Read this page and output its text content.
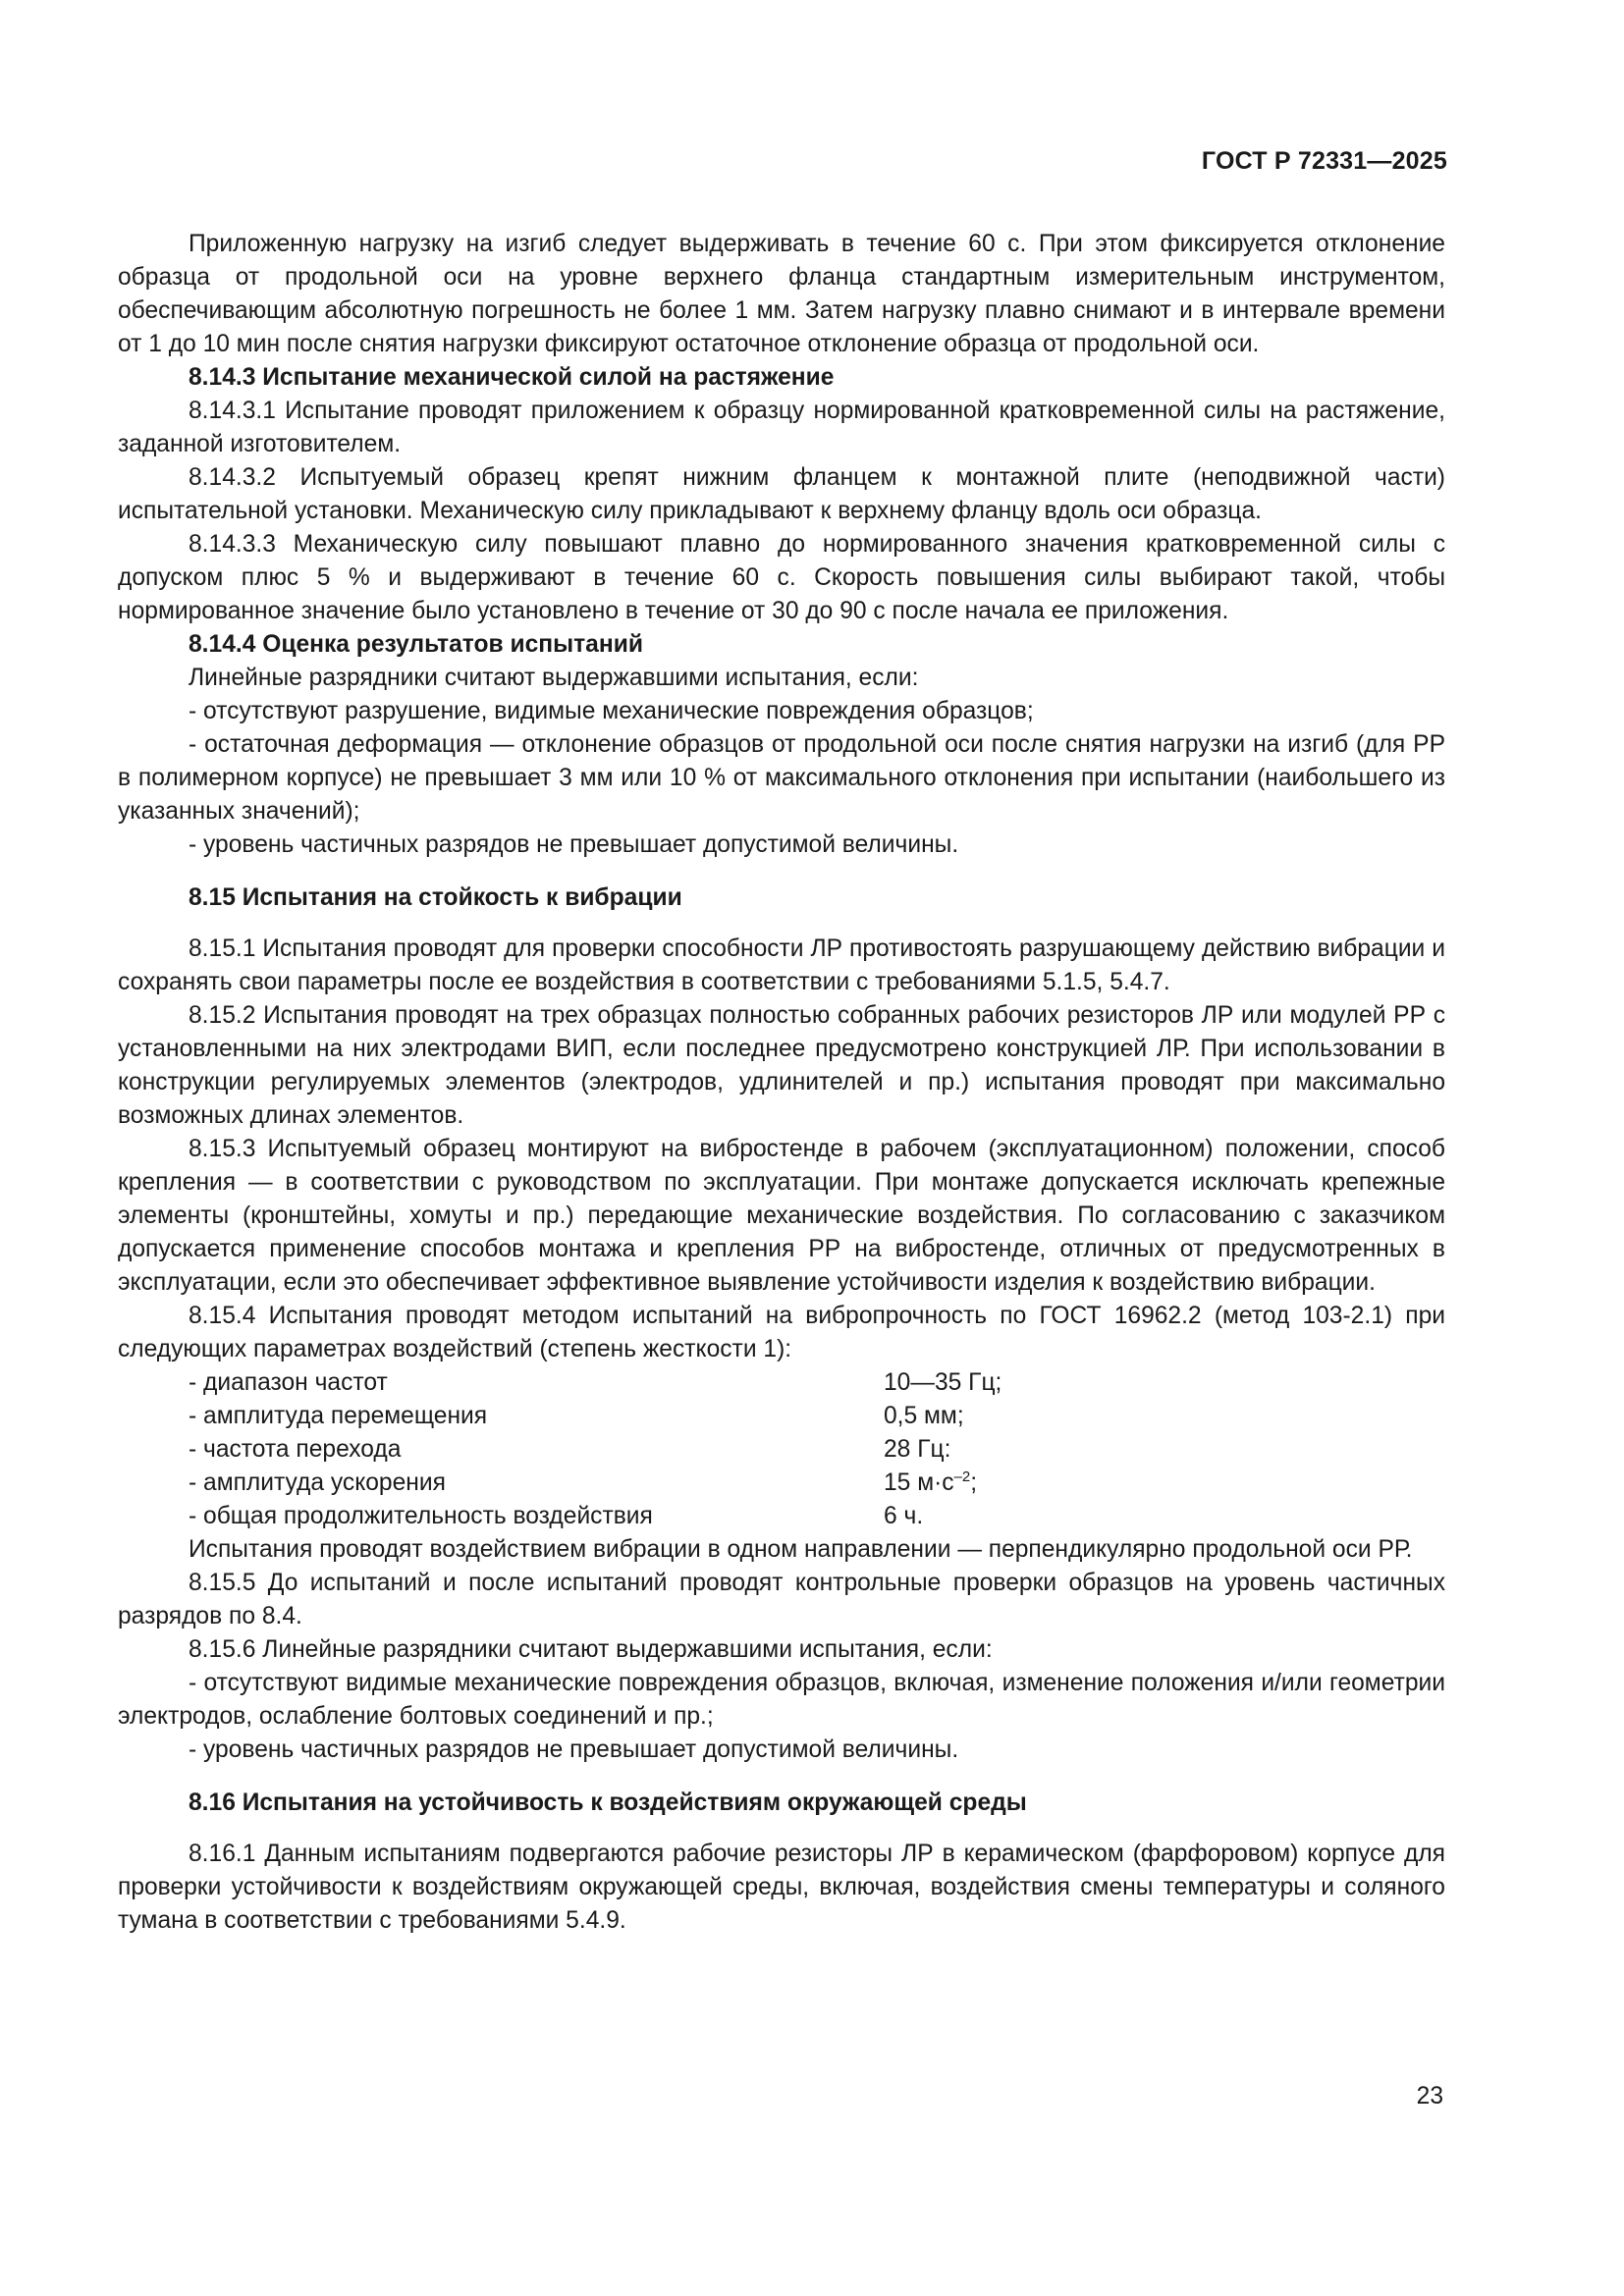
ГОСТ Р 72331—2025

Приложенную нагрузку на изгиб следует выдерживать в течение 60 с. При этом фиксируется отклонение образца от продольной оси на уровне верхнего фланца стандартным измерительным инструментом, обеспечивающим абсолютную погрешность не более 1 мм. Затем нагрузку плавно снимают и в интервале времени от 1 до 10 мин после снятия нагрузки фиксируют остаточное отклонение образца от продольной оси.

8.14.3 Испытание механической силой на растяжение

8.14.3.1 Испытание проводят приложением к образцу нормированной кратковременной силы на растяжение, заданной изготовителем.

8.14.3.2 Испытуемый образец крепят нижним фланцем к монтажной плите (неподвижной части) испытательной установки. Механическую силу прикладывают к верхнему фланцу вдоль оси образца.

8.14.3.3 Механическую силу повышают плавно до нормированного значения кратковременной силы с допуском плюс 5 % и выдерживают в течение 60 с. Скорость повышения силы выбирают такой, чтобы нормированное значение было установлено в течение от 30 до 90 с после начала ее приложения.

8.14.4 Оценка результатов испытаний

Линейные разрядники считают выдержавшими испытания, если:

- отсутствуют разрушение, видимые механические повреждения образцов;

- остаточная деформация — отклонение образцов от продольной оси после снятия нагрузки на изгиб (для РР в полимерном корпусе) не превышает 3 мм или 10 % от максимального отклонения при испытании (наибольшего из указанных значений);

- уровень частичных разрядов не превышает допустимой величины.

8.15 Испытания на стойкость к вибрации

8.15.1 Испытания проводят для проверки способности ЛР противостоять разрушающему действию вибрации и сохранять свои параметры после ее воздействия в соответствии с требованиями 5.1.5, 5.4.7.

8.15.2 Испытания проводят на трех образцах полностью собранных рабочих резисторов ЛР или модулей РР с установленными на них электродами ВИП, если последнее предусмотрено конструкцией ЛР. При использовании в конструкции регулируемых элементов (электродов, удлинителей и пр.) испытания проводят при максимально возможных длинах элементов.

8.15.3 Испытуемый образец монтируют на вибростенде в рабочем (эксплуатационном) положении, способ крепления — в соответствии с руководством по эксплуатации. При монтаже допускается исключать крепежные элементы (кронштейны, хомуты и пр.) передающие механические воздействия. По согласованию с заказчиком допускается применение способов монтажа и крепления РР на вибростенде, отличных от предусмотренных в эксплуатации, если это обеспечивает эффективное выявление устойчивости изделия к воздействию вибрации.

8.15.4 Испытания проводят методом испытаний на вибропрочность по ГОСТ 16962.2 (метод 103-2.1) при следующих параметрах воздействий (степень жесткости 1):

- диапазон частот	10—35 Гц;
- амплитуда перемещения	0,5 мм;
- частота перехода	28 Гц:
- амплитуда ускорения	15 $м\cdot с^{-2}$;
- общая продолжительность воздействия	6 ч.

Испытания проводят воздействием вибрации в одном направлении — перпендикулярно продольной оси РР.

8.15.5 До испытаний и после испытаний проводят контрольные проверки образцов на уровень частичных разрядов по 8.4.

8.15.6 Линейные разрядники считают выдержавшими испытания, если:

- отсутствуют видимые механические повреждения образцов, включая, изменение положения и/или геометрии электродов, ослабление болтовых соединений и пр.;

- уровень частичных разрядов не превышает допустимой величины.

8.16 Испытания на устойчивость к воздействиям окружающей среды

8.16.1 Данным испытаниям подвергаются рабочие резисторы ЛР в керамическом (фарфоровом) корпусе для проверки устойчивости к воздействиям окружающей среды, включая, воздействия смены температуры и соляного тумана в соответствии с требованиями 5.4.9.

23
